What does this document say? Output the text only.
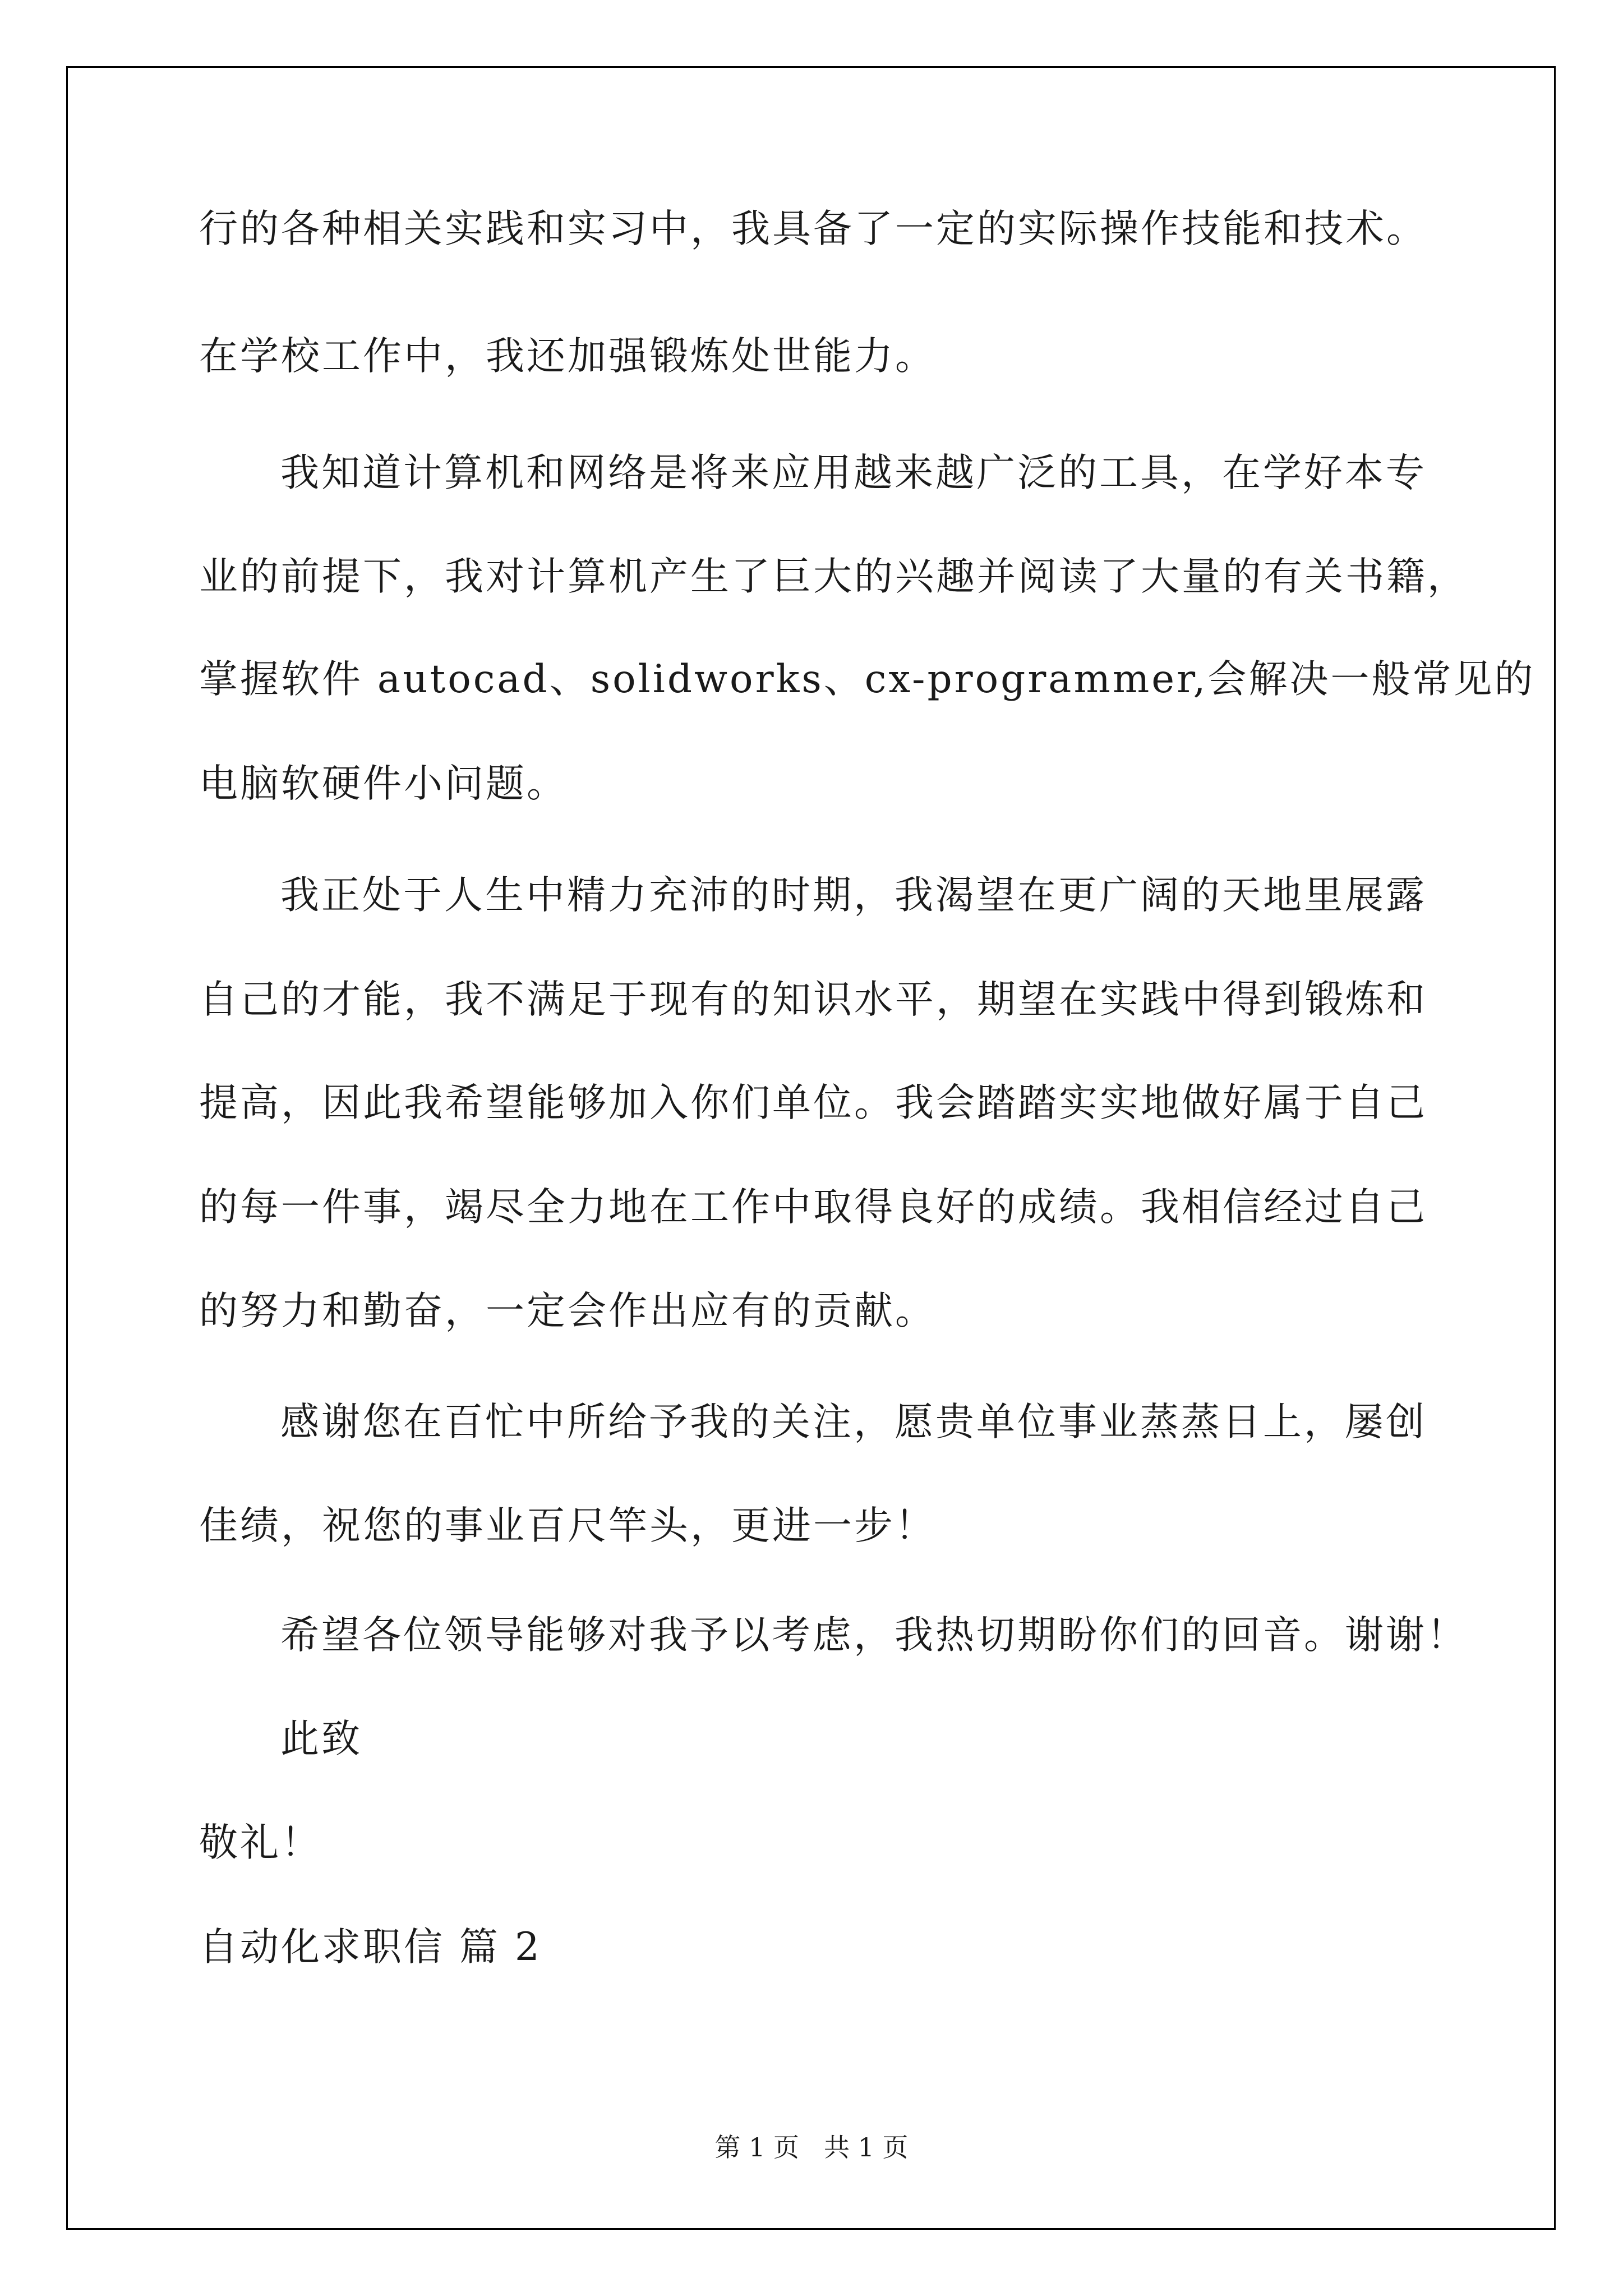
行的各种相关实践和实习中，我具备了一定的实际操作技能和技术。
在学校工作中，我还加强锻炼处世能力。
我知道计算机和网络是将来应用越来越广泛的工具，在学好本专
业的前提下，我对计算机产生了巨大的兴趣并阅读了大量的有关书籍，
掌握软件 autocad、solidworks、cx-programmer,会解决一般常见的
电脑软硬件小问题。
我正处于人生中精力充沛的时期，我渴望在更广阔的天地里展露
自己的才能，我不满足于现有的知识水平，期望在实践中得到锻炼和
提高，因此我希望能够加入你们单位。我会踏踏实实地做好属于自己
的每一件事，竭尽全力地在工作中取得良好的成绩。我相信经过自己
的努力和勤奋，一定会作出应有的贡献。
感谢您在百忙中所给予我的关注，愿贵单位事业蒸蒸日上，屡创
佳绩，祝您的事业百尺竿头，更进一步！
希望各位领导能够对我予以考虑，我热切期盼你们的回音。谢谢！
此致
敬礼！
自动化求职信 篇 2
第 1 页 共 1 页
